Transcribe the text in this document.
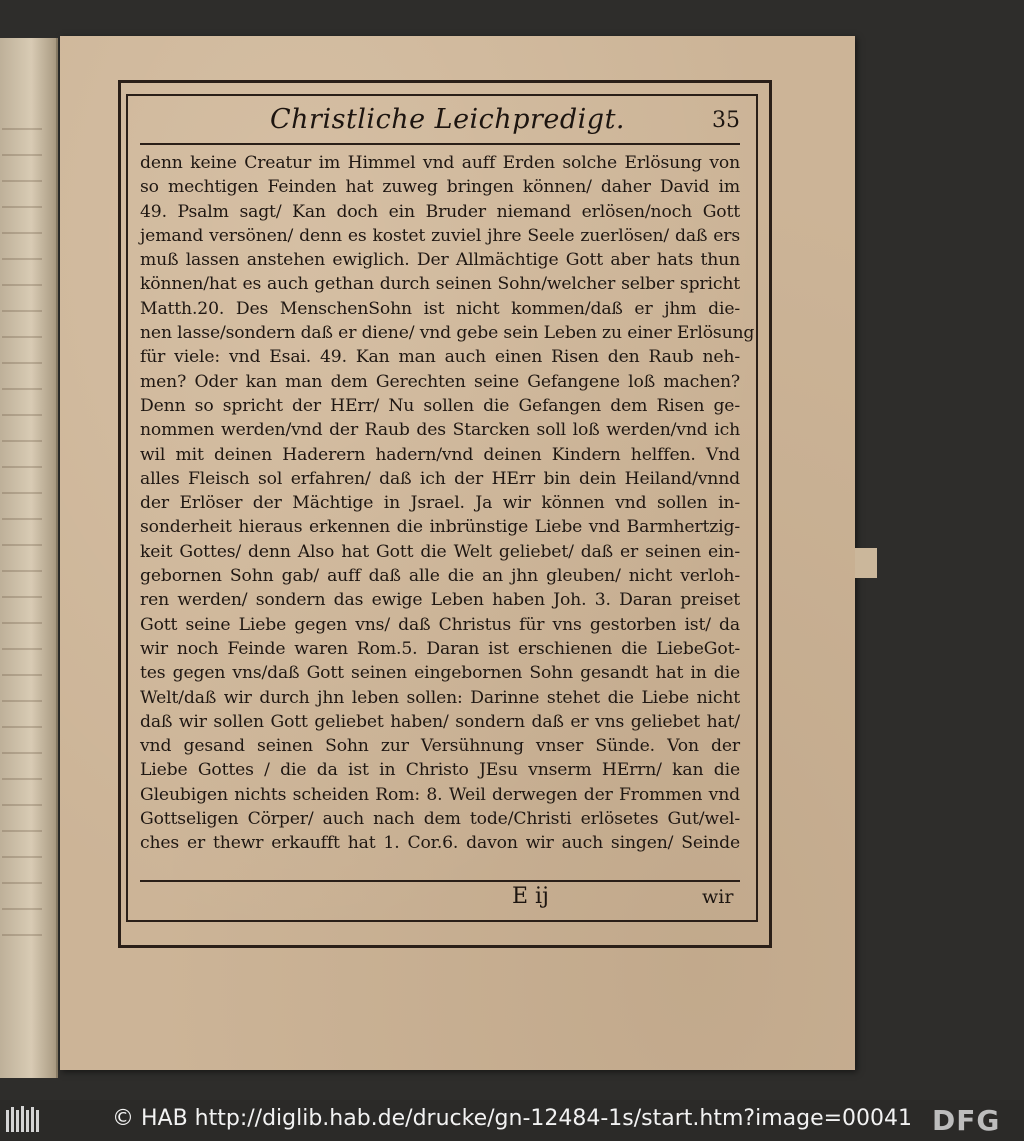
Christliche Leichpredigt.	35
denn keine Creatur im Himmel vnd auff Erden solche Erlösung von
so mechtigen Feinden hat zuweg bringen können/ daher David im
49. Psalm sagt/ Kan doch ein Bruder niemand erlösen/noch Gott
jemand versönen/ denn es kostet zuviel jhre Seele zuerlösen/ daß ers
muß lassen anstehen ewiglich. Der Allmächtige Gott aber hats thun
können/hat es auch gethan durch seinen Sohn/welcher selber spricht
Matth.20. Des MenschenSohn ist nicht kommen/daß er jhm die-
nen lasse/sondern daß er diene/ vnd gebe sein Leben zu einer Erlösung
für viele: vnd Esai. 49. Kan man auch einen Risen den Raub neh-
men? Oder kan man dem Gerechten seine Gefangene loß machen?
Denn so spricht der HErr/ Nu sollen die Gefangen dem Risen ge-
nommen werden/vnd der Raub des Starcken soll loß werden/vnd ich
wil mit deinen Haderern hadern/vnd deinen Kindern helffen. Vnd
alles Fleisch sol erfahren/ daß ich der HErr bin dein Heiland/vnnd
der Erlöser der Mächtige in Jsrael. Ja wir können vnd sollen in-
sonderheit hieraus erkennen die inbrünstige Liebe vnd Barmhertzig-
keit Gottes/ denn Also hat Gott die Welt geliebet/ daß er seinen ein-
gebornen Sohn gab/ auff daß alle die an jhn gleuben/ nicht verloh-
ren werden/ sondern das ewige Leben haben Joh. 3. Daran preiset
Gott seine Liebe gegen vns/ daß Christus für vns gestorben ist/ da
wir noch Feinde waren Rom.5. Daran ist erschienen die LiebeGot-
tes gegen vns/daß Gott seinen eingebornen Sohn gesandt hat in die
Welt/daß wir durch jhn leben sollen: Darinne stehet die Liebe nicht
daß wir sollen Gott geliebet haben/ sondern daß er vns geliebet hat/
vnd gesand seinen Sohn zur Versühnung vnser Sünde. Von der
Liebe Gottes / die da ist in Christo JEsu vnserm HErrn/ kan die
Gleubigen nichts scheiden Rom: 8. Weil derwegen der Frommen vnd
Gottseligen Cörper/ auch nach dem tode/Christi erlösetes Gut/wel-
ches er thewr erkaufft hat 1. Cor.6. davon wir auch singen/ Seinde
E ij	wir
© HAB http://diglib.hab.de/drucke/gn-12484-1s/start.htm?image=00041 DFG
